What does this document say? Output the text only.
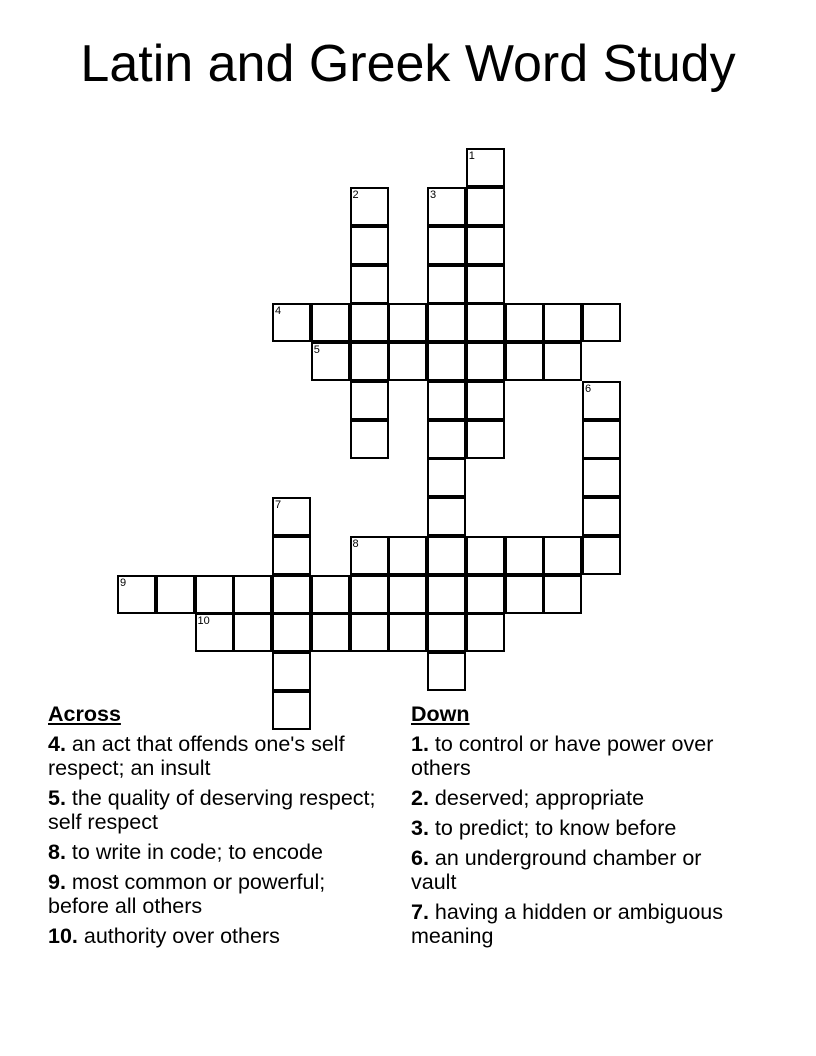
Latin and Greek Word Study
1
2	3
4
5
6
7
8
9
10
Across
4. an act that offends one's self respect; an insult
5. the quality of deserving respect; self respect
8. to write in code; to encode
9. most common or powerful; before all others
10. authority over others
Down
1. to control or have power over others
2. deserved; appropriate
3. to predict; to know before
6. an underground chamber or vault
7. having a hidden or ambiguous meaning
